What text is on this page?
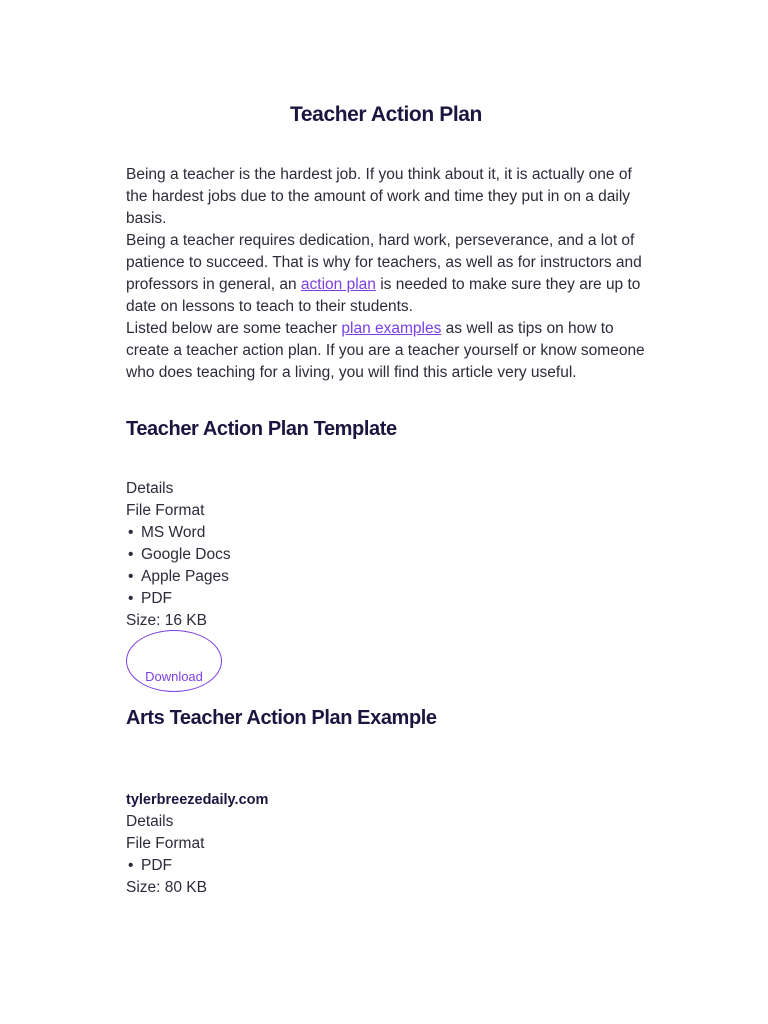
Teacher Action Plan

Being a teacher is the hardest job. If you think about it, it is actually one of the hardest jobs due to the amount of work and time they put in on a daily basis.

Being a teacher requires dedication, hard work, perseverance, and a lot of patience to succeed. That is why for teachers, as well as for instructors and professors in general, an action plan is needed to make sure they are up to date on lessons to teach to their students.

Listed below are some teacher plan examples as well as tips on how to create a teacher action plan. If you are a teacher yourself or know someone who does teaching for a living, you will find this article very useful.

Teacher Action Plan Template
Details
File Format
• MS Word
• Google Docs
• Apple Pages
• PDF
Size: 16 KB
Download
Arts Teacher Action Plan Example
tylerbreezedaily.com
Details
File Format
• PDF
Size: 80 KB
